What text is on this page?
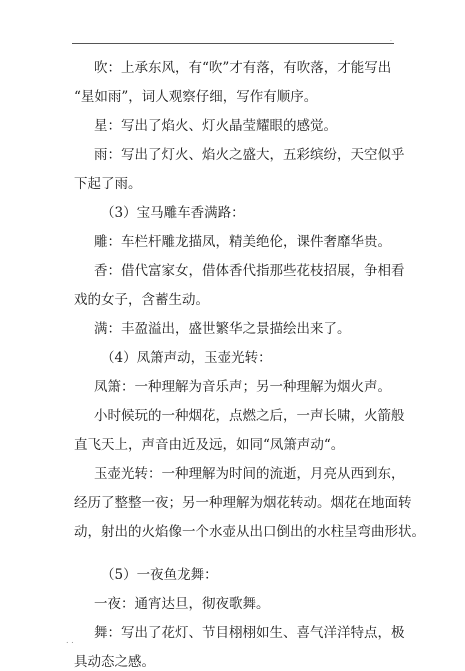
.
吹：上承东风，有“吹”才有落，有吹落，才能写出
“星如雨”，词人观察仔细，写作有顺序。
星：写出了焰火、灯火晶莹耀眼的感觉。
雨：写出了灯火、焰火之盛大，五彩缤纷，天空似乎
下起了雨。
（3）宝马雕车香满路：
雕：车栏杆雕龙描凤，精美绝伦，课件奢靡华贵。
香：借代富家女，借体香代指那些花枝招展，争相看
戏的女子，含蓄生动。
满：丰盈溢出，盛世繁华之景描绘出来了。
（4）凤箫声动，玉壶光转：
凤箫：一种理解为音乐声；另一种理解为烟火声。
小时候玩的一种烟花，点燃之后，一声长啸，火箭般
直飞天上，声音由近及远，如同“凤箫声动“。
玉壶光转：一种理解为时间的流逝，月亮从西到东，
经历了整整一夜；另一种理解为烟花转动。烟花在地面转
动，射出的火焰像一个水壶从出口倒出的水柱呈弯曲形状。
（5）一夜鱼龙舞：
一夜：通宵达旦，彻夜歌舞。
舞：写出了花灯、节目栩栩如生、喜气洋洋特点，极
具动态之感。
. .
